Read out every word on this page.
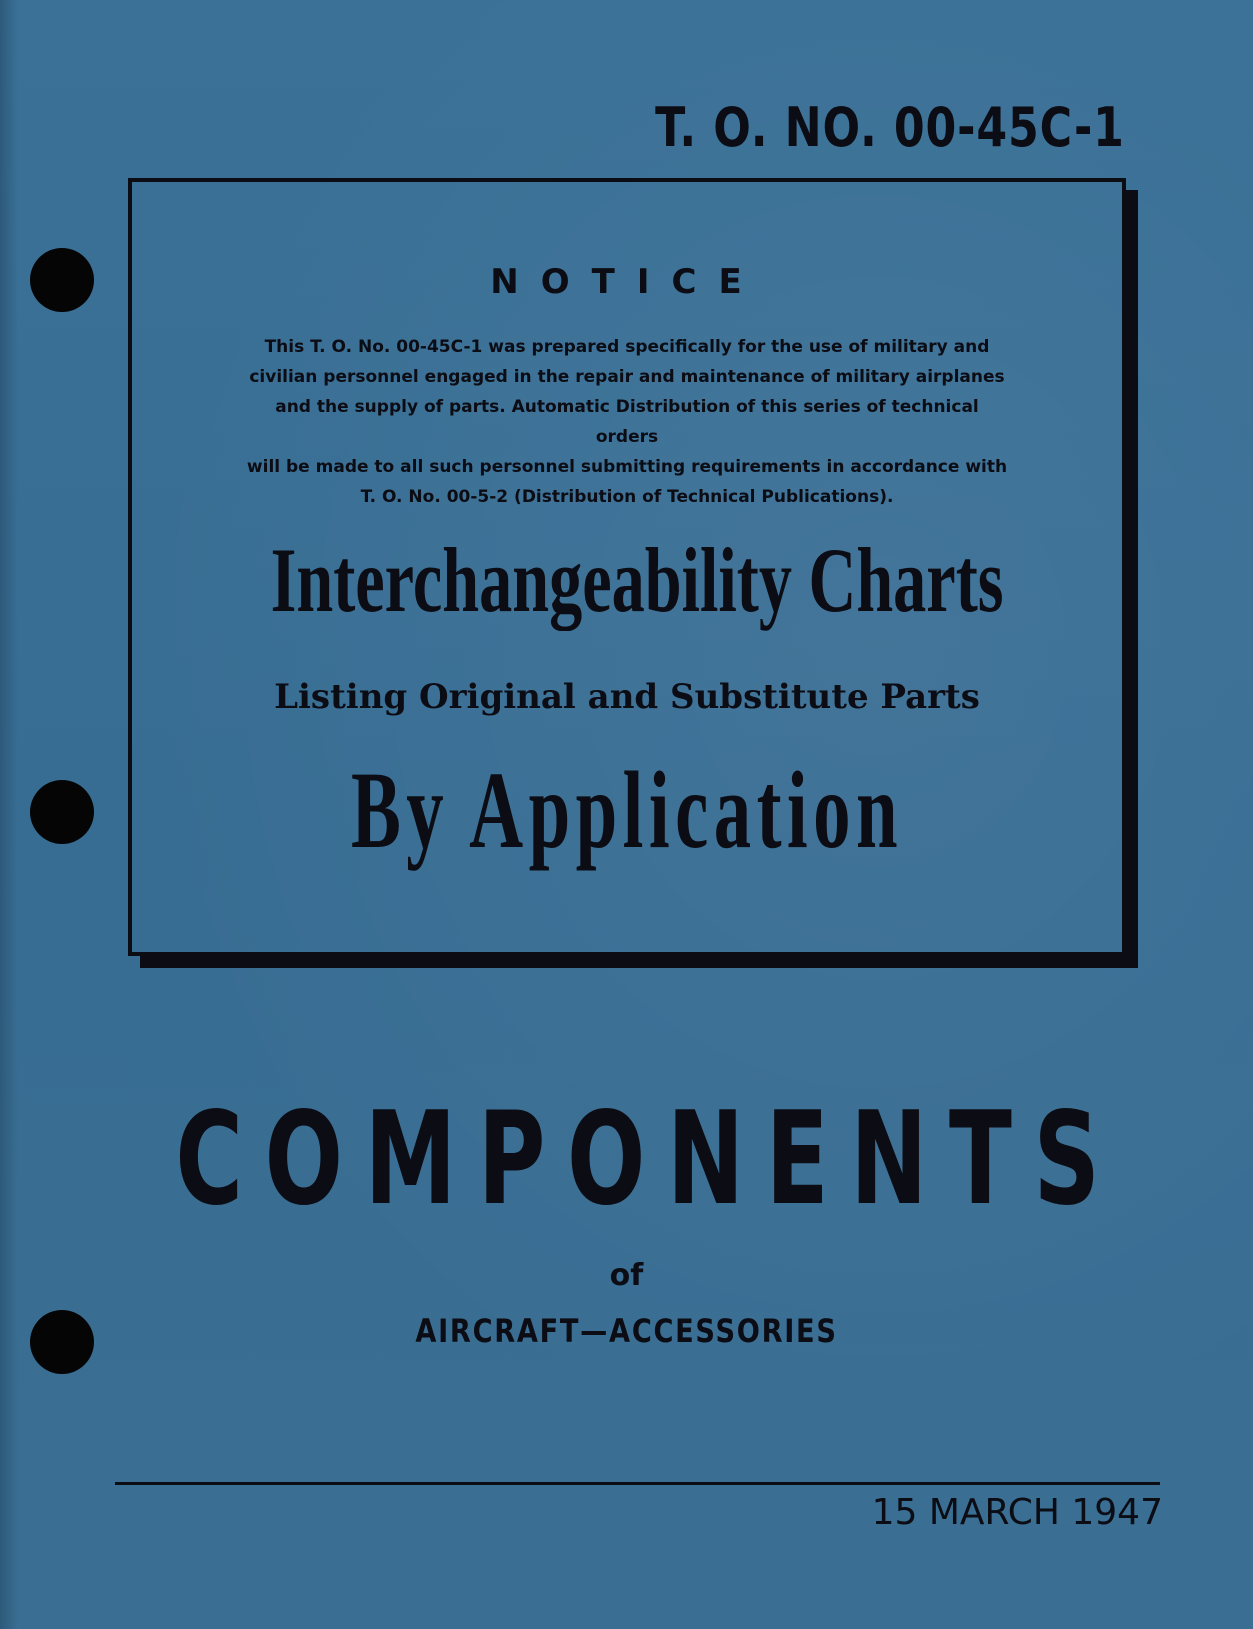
T. O. NO. 00-45C-1
NOTICE
This T. O. No. 00-45C-1 was prepared specifically for the use of military and
civilian personnel engaged in the repair and maintenance of military airplanes
and the supply of parts. Automatic Distribution of this series of technical orders
will be made to all such personnel submitting requirements in accordance with
T. O. No. 00-5-2 (Distribution of Technical Publications).
Interchangeability Charts
Listing Original and Substitute Parts
By Application
COMPONENTS
of
AIRCRAFT—ACCESSORIES
15 MARCH 1947
